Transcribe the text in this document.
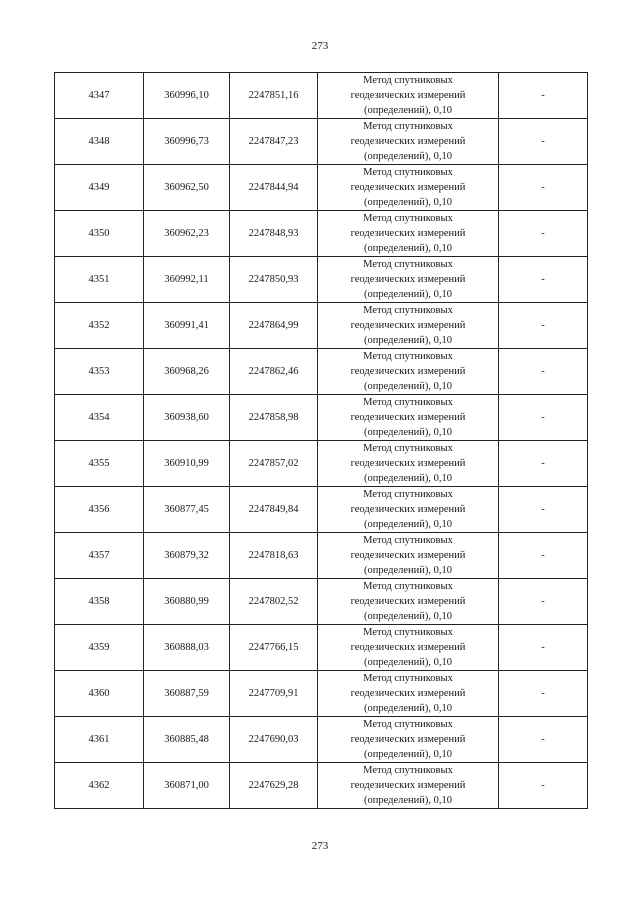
273
4347	360996,10	2247851,16	Метод спутниковых
геодезических измерений
(определений), 0,10	-
4348	360996,73	2247847,23	Метод спутниковых
геодезических измерений
(определений), 0,10	-
4349	360962,50	2247844,94	Метод спутниковых
геодезических измерений
(определений), 0,10	-
4350	360962,23	2247848,93	Метод спутниковых
геодезических измерений
(определений), 0,10	-
4351	360992,11	2247850,93	Метод спутниковых
геодезических измерений
(определений), 0,10	-
4352	360991,41	2247864,99	Метод спутниковых
геодезических измерений
(определений), 0,10	-
4353	360968,26	2247862,46	Метод спутниковых
геодезических измерений
(определений), 0,10	-
4354	360938,60	2247858,98	Метод спутниковых
геодезических измерений
(определений), 0,10	-
4355	360910,99	2247857,02	Метод спутниковых
геодезических измерений
(определений), 0,10	-
4356	360877,45	2247849,84	Метод спутниковых
геодезических измерений
(определений), 0,10	-
4357	360879,32	2247818,63	Метод спутниковых
геодезических измерений
(определений), 0,10	-
4358	360880,99	2247802,52	Метод спутниковых
геодезических измерений
(определений), 0,10	-
4359	360888,03	2247766,15	Метод спутниковых
геодезических измерений
(определений), 0,10	-
4360	360887,59	2247709,91	Метод спутниковых
геодезических измерений
(определений), 0,10	-
4361	360885,48	2247690,03	Метод спутниковых
геодезических измерений
(определений), 0,10	-
4362	360871,00	2247629,28	Метод спутниковых
геодезических измерений
(определений), 0,10	-
273
